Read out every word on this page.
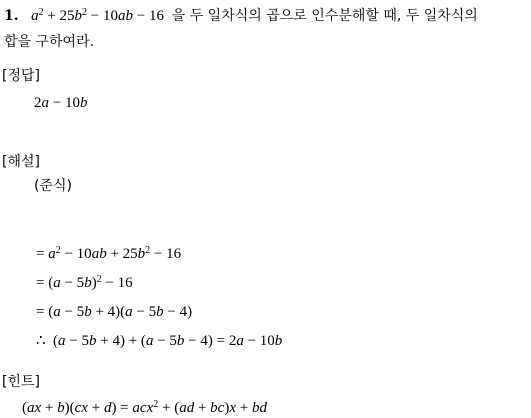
1. $a^2 + 25b^2 - 10ab - 16$ 을 두 일차식의 곱으로 인수분해할 때, 두 일차식의
합을 구하여라.
[정답]
2a − 10b
[해설]
(준식)
= $a^2 - 10ab + 25b^2 - 16$
= $(a - 5b)^2 - 16$
= (a − 5b + 4)(a − 5b − 4)
∴  (a − 5b + 4) + (a − 5b − 4) = 2a − 10b
[힌트]
(ax + b)(cx + d) = acx$^2$ + (ad + bc)x + bd
